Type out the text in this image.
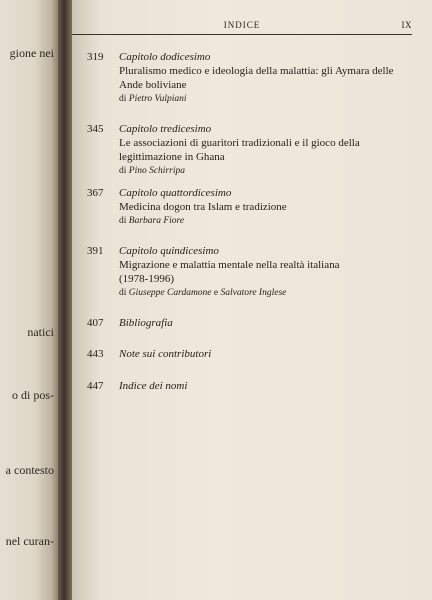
gione nei
natici
o di pos-
a contesto
nel curan-
INDICE	IX
319 Capitolo dodicesimo
Pluralismo medico e ideologia della malattia: gli Aymara delle
Ande boliviane
di Pietro Vulpiani
345 Capitolo tredicesimo
Le associazioni di guaritori tradizionali e il gioco della
legittimazione in Ghana
di Pino Schirripa
367 Capitolo quattordicesimo
Medicina dogon tra Islam e tradizione
di Barbara Fiore
391 Capitolo quindicesimo
Migrazione e malattia mentale nella realtà italiana
(1978-1996)
di Giuseppe Cardamone e Salvatore Inglese
407 Bibliografia
443 Note sui contributori
447 Indice dei nomi
